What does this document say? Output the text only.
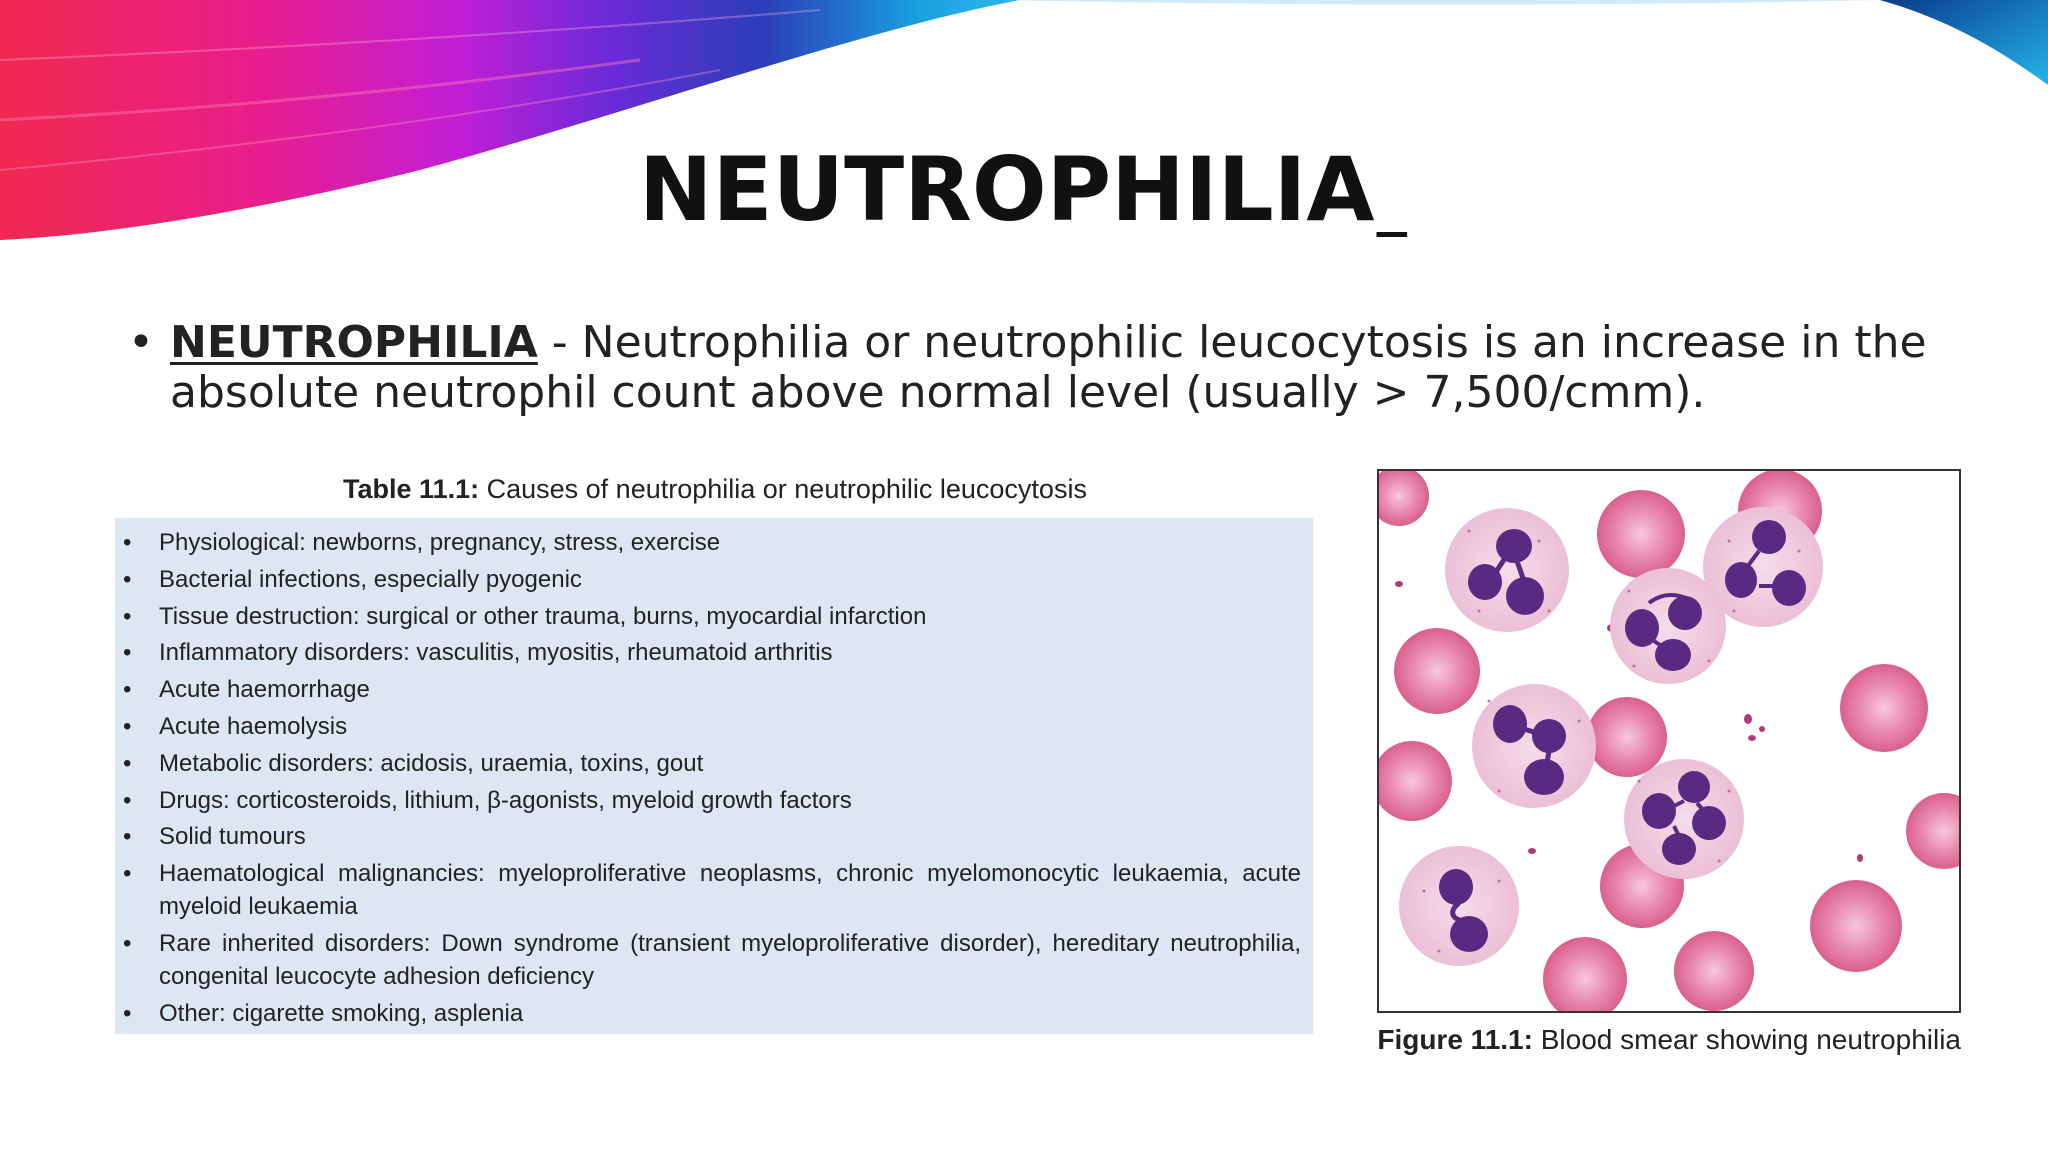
NEUTROPHILIA
• NEUTROPHILIA - Neutrophilia or neutrophilic leucocytosis is an increase in the absolute neutrophil count above normal level (usually > 7,500/cmm).
Table 11.1: Causes of neutrophilia or neutrophilic leucocytosis
• Physiological: newborns, pregnancy, stress, exercise
• Bacterial infections, especially pyogenic
• Tissue destruction: surgical or other trauma, burns, myocardial infarction
• Inflammatory disorders: vasculitis, myositis, rheumatoid arthritis
• Acute haemorrhage
• Acute haemolysis
• Metabolic disorders: acidosis, uraemia, toxins, gout
• Drugs: corticosteroids, lithium, β-agonists, myeloid growth factors
• Solid tumours
• Haematological malignancies: myeloproliferative neoplasms, chronic myelomonocytic leukaemia, acute myeloid leukaemia
• Rare inherited disorders: Down syndrome (transient myeloproliferative disorder), hereditary neutrophilia, congenital leucocyte adhesion deficiency
• Other: cigarette smoking, asplenia
Figure 11.1: Blood smear showing neutrophilia
